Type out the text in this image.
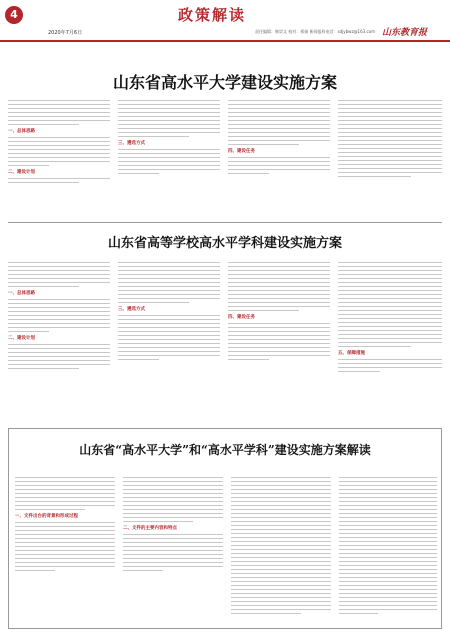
4
2020年7月6日
政策解读
责任编辑：韩崇文 校对：邢娟 新闻报料电话：sdjybwz@163.com 山东教育报
山东省高水平大学建设实施方案
一、总体思路
二、建设计划
三、遴选方式
四、建设任务
山东省高等学校高水平学科建设实施方案
一、总体思路
二、建设计划
三、遴选方式
四、建设任务
五、保障措施
山东省“高水平大学”和“高水平学科”建设实施方案解读
一、文件出台的背景和形成过程
二、文件的主要内容和特点
